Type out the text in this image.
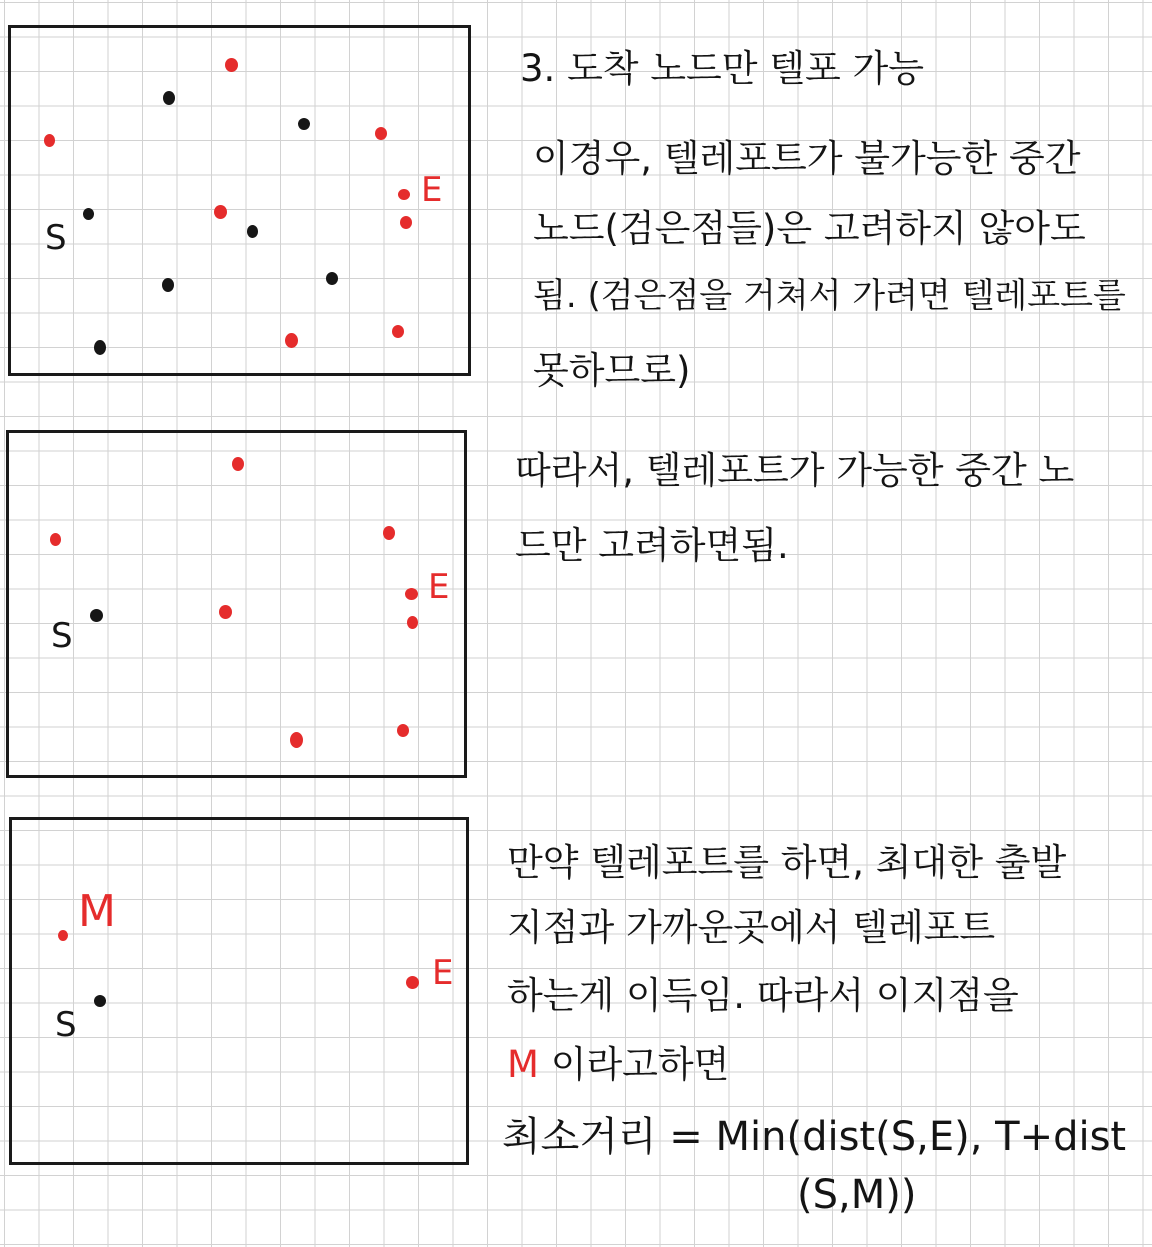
E
S
E
S
M
E
S

3. 도착 노드만 텔포 가능

이경우, 텔레포트가 불가능한 중간

노드(검은점들)은 고려하지 않아도

됨. (검은점을 거쳐서 가려면 텔레포트를

못하므로)

따라서, 텔레포트가 가능한 중간 노

드만 고려하면됨.

만약 텔레포트를 하면, 최대한 출발

지점과 가까운곳에서 텔레포트

하는게 이득임. 따라서 이지점을

M 이라고하면

최소거리 = Min(dist(S,E), T+dist

(S,M))
